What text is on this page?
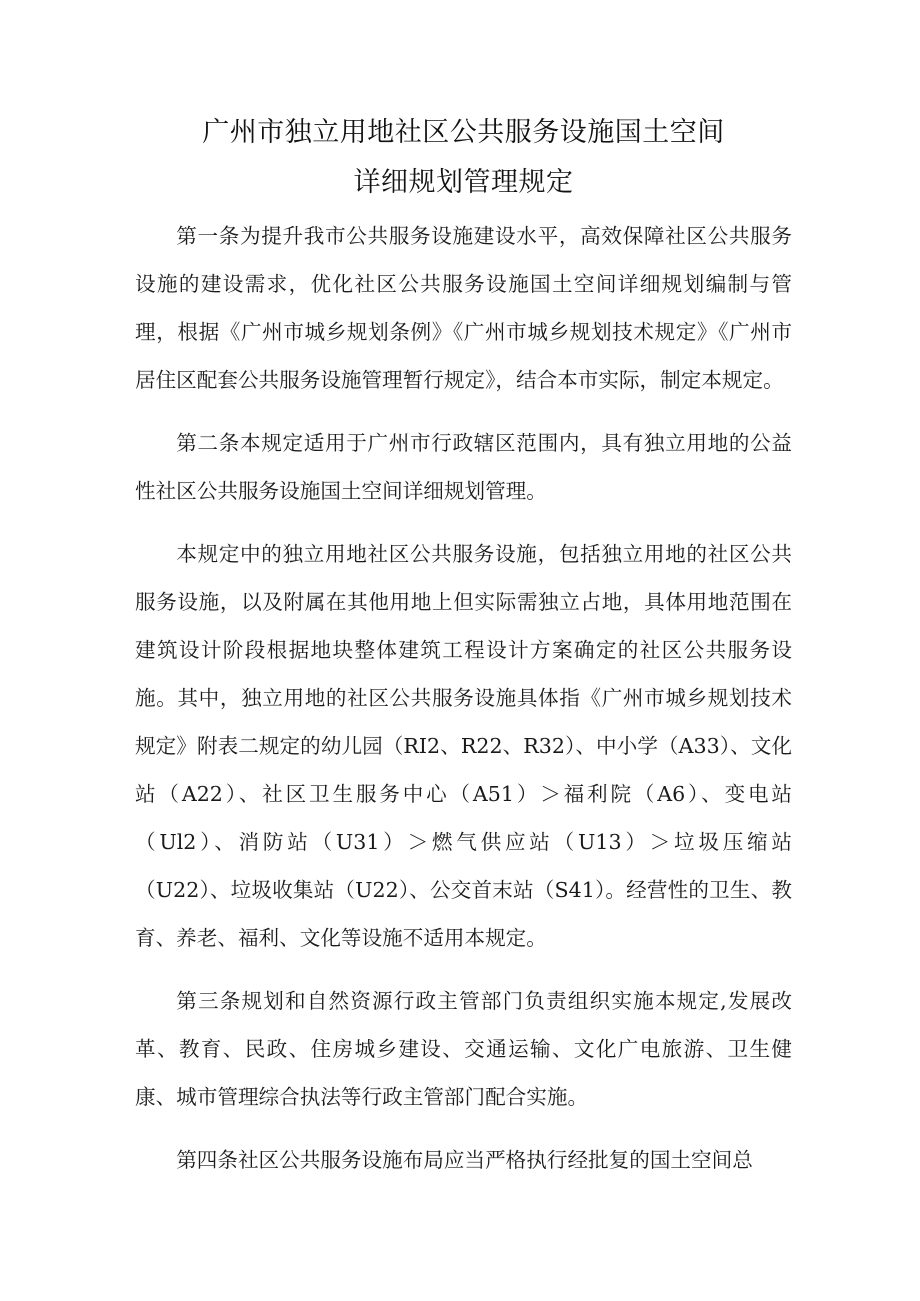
广州市独立用地社区公共服务设施国土空间
详细规划管理规定

第一条为提升我市公共服务设施建设水平，高效保障社区公共服务设施的建设需求，优化社区公共服务设施国土空间详细规划编制与管理，根据《广州市城乡规划条例》《广州市城乡规划技术规定》《广州市居住区配套公共服务设施管理暂行规定》，结合本市实际，制定本规定。

第二条本规定适用于广州市行政辖区范围内，具有独立用地的公益性社区公共服务设施国土空间详细规划管理。

本规定中的独立用地社区公共服务设施，包括独立用地的社区公共服务设施，以及附属在其他用地上但实际需独立占地，具体用地范围在建筑设计阶段根据地块整体建筑工程设计方案确定的社区公共服务设施。其中，独立用地的社区公共服务设施具体指《广州市城乡规划技术规定》附表二规定的幼儿园（RI2、R22、R32）、中小学（A33）、文化站（A22）、社区卫生服务中心（A51）＞福利院（A6）、变电站（Ul2）、消防站（U31）＞燃气供应站（U13）＞垃圾压缩站（U22）、垃圾收集站（U22）、公交首末站（S41）。经营性的卫生、教育、养老、福利、文化等设施不适用本规定。

第三条规划和自然资源行政主管部门负责组织实施本规定,发展改革、教育、民政、住房城乡建设、交通运输、文化广电旅游、卫生健康、城市管理综合执法等行政主管部门配合实施。

第四条社区公共服务设施布局应当严格执行经批复的国土空间总
